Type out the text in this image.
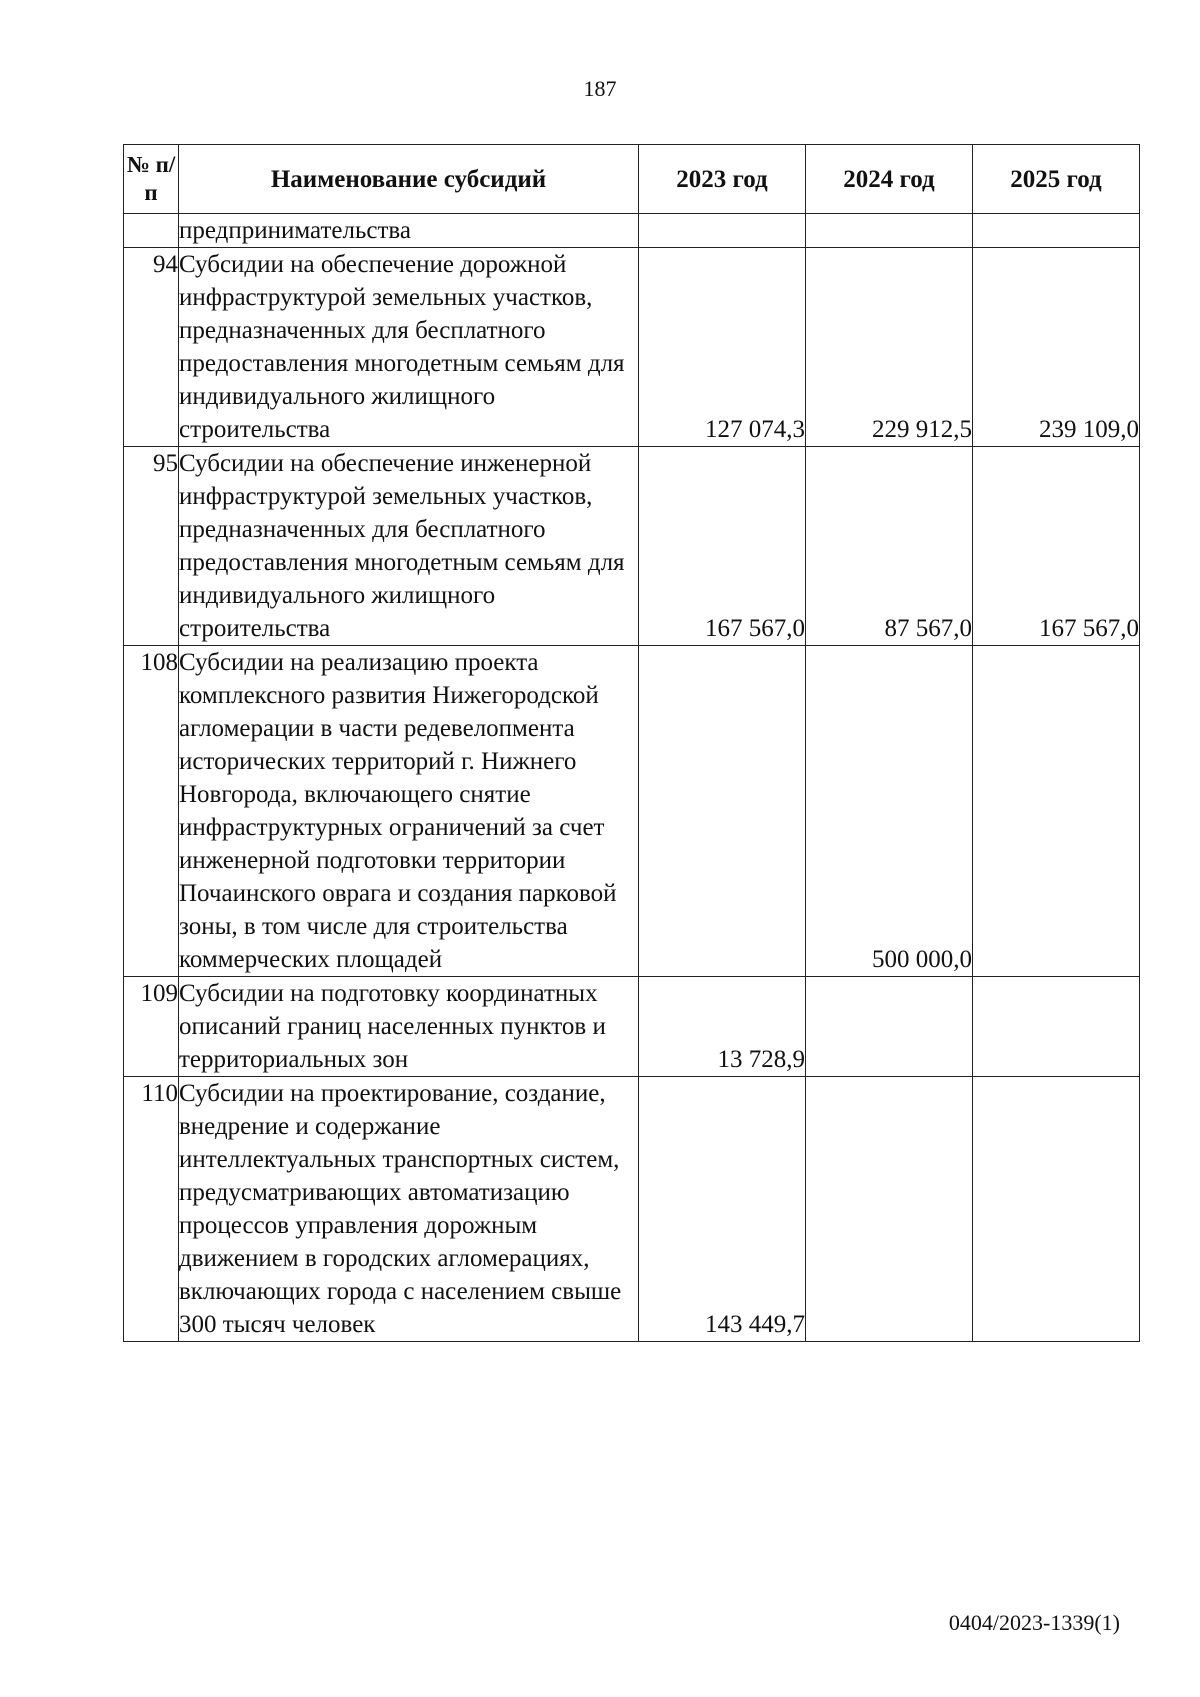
187
№ п/п	Наименование субсидий	2023 год	2024 год	2025 год
	предпринимательства			
94	Субсидии на обеспечение дорожной инфраструктурой земельных участков, предназначенных для бесплатного предоставления многодетным семьям для индивидуального жилищного строительства	127 074,3	229 912,5	239 109,0
95	Субсидии на обеспечение инженерной инфраструктурой земельных участков, предназначенных для бесплатного предоставления многодетным семьям для индивидуального жилищного строительства	167 567,0	87 567,0	167 567,0
108	Субсидии на реализацию проекта комплексного развития Нижегородской агломерации в части редевелопмента исторических территорий г. Нижнего Новгорода, включающего снятие инфраструктурных ограничений за счет инженерной подготовки территории Почаинского оврага и создания парковой зоны, в том числе для строительства коммерческих площадей		500 000,0	
109	Субсидии на подготовку координатных описаний границ населенных пунктов и территориальных зон	13 728,9		
110	Субсидии на проектирование, создание, внедрение и содержание интеллектуальных транспортных систем, предусматривающих автоматизацию процессов управления дорожным движением в городских агломерациях, включающих города с населением свыше 300 тысяч человек	143 449,7		
0404/2023-1339(1)
